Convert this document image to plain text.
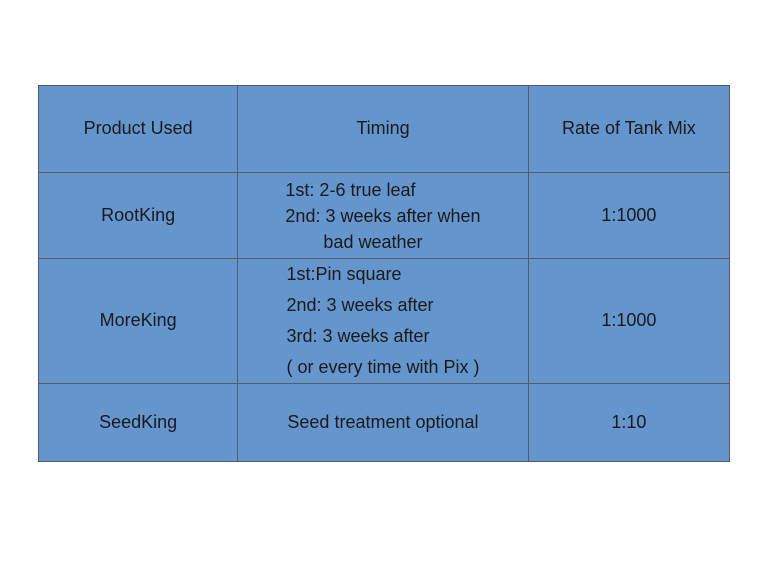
Product Used	Timing	Rate of Tank Mix
RootKing	1st: 2-6 true leaf
2nd: 3 weeks after when
bad weather	1:1000
MoreKing	1st:Pin square
2nd: 3 weeks after
3rd: 3 weeks after
( or every time with Pix )	1:1000
SeedKing	Seed treatment optional	1:10
